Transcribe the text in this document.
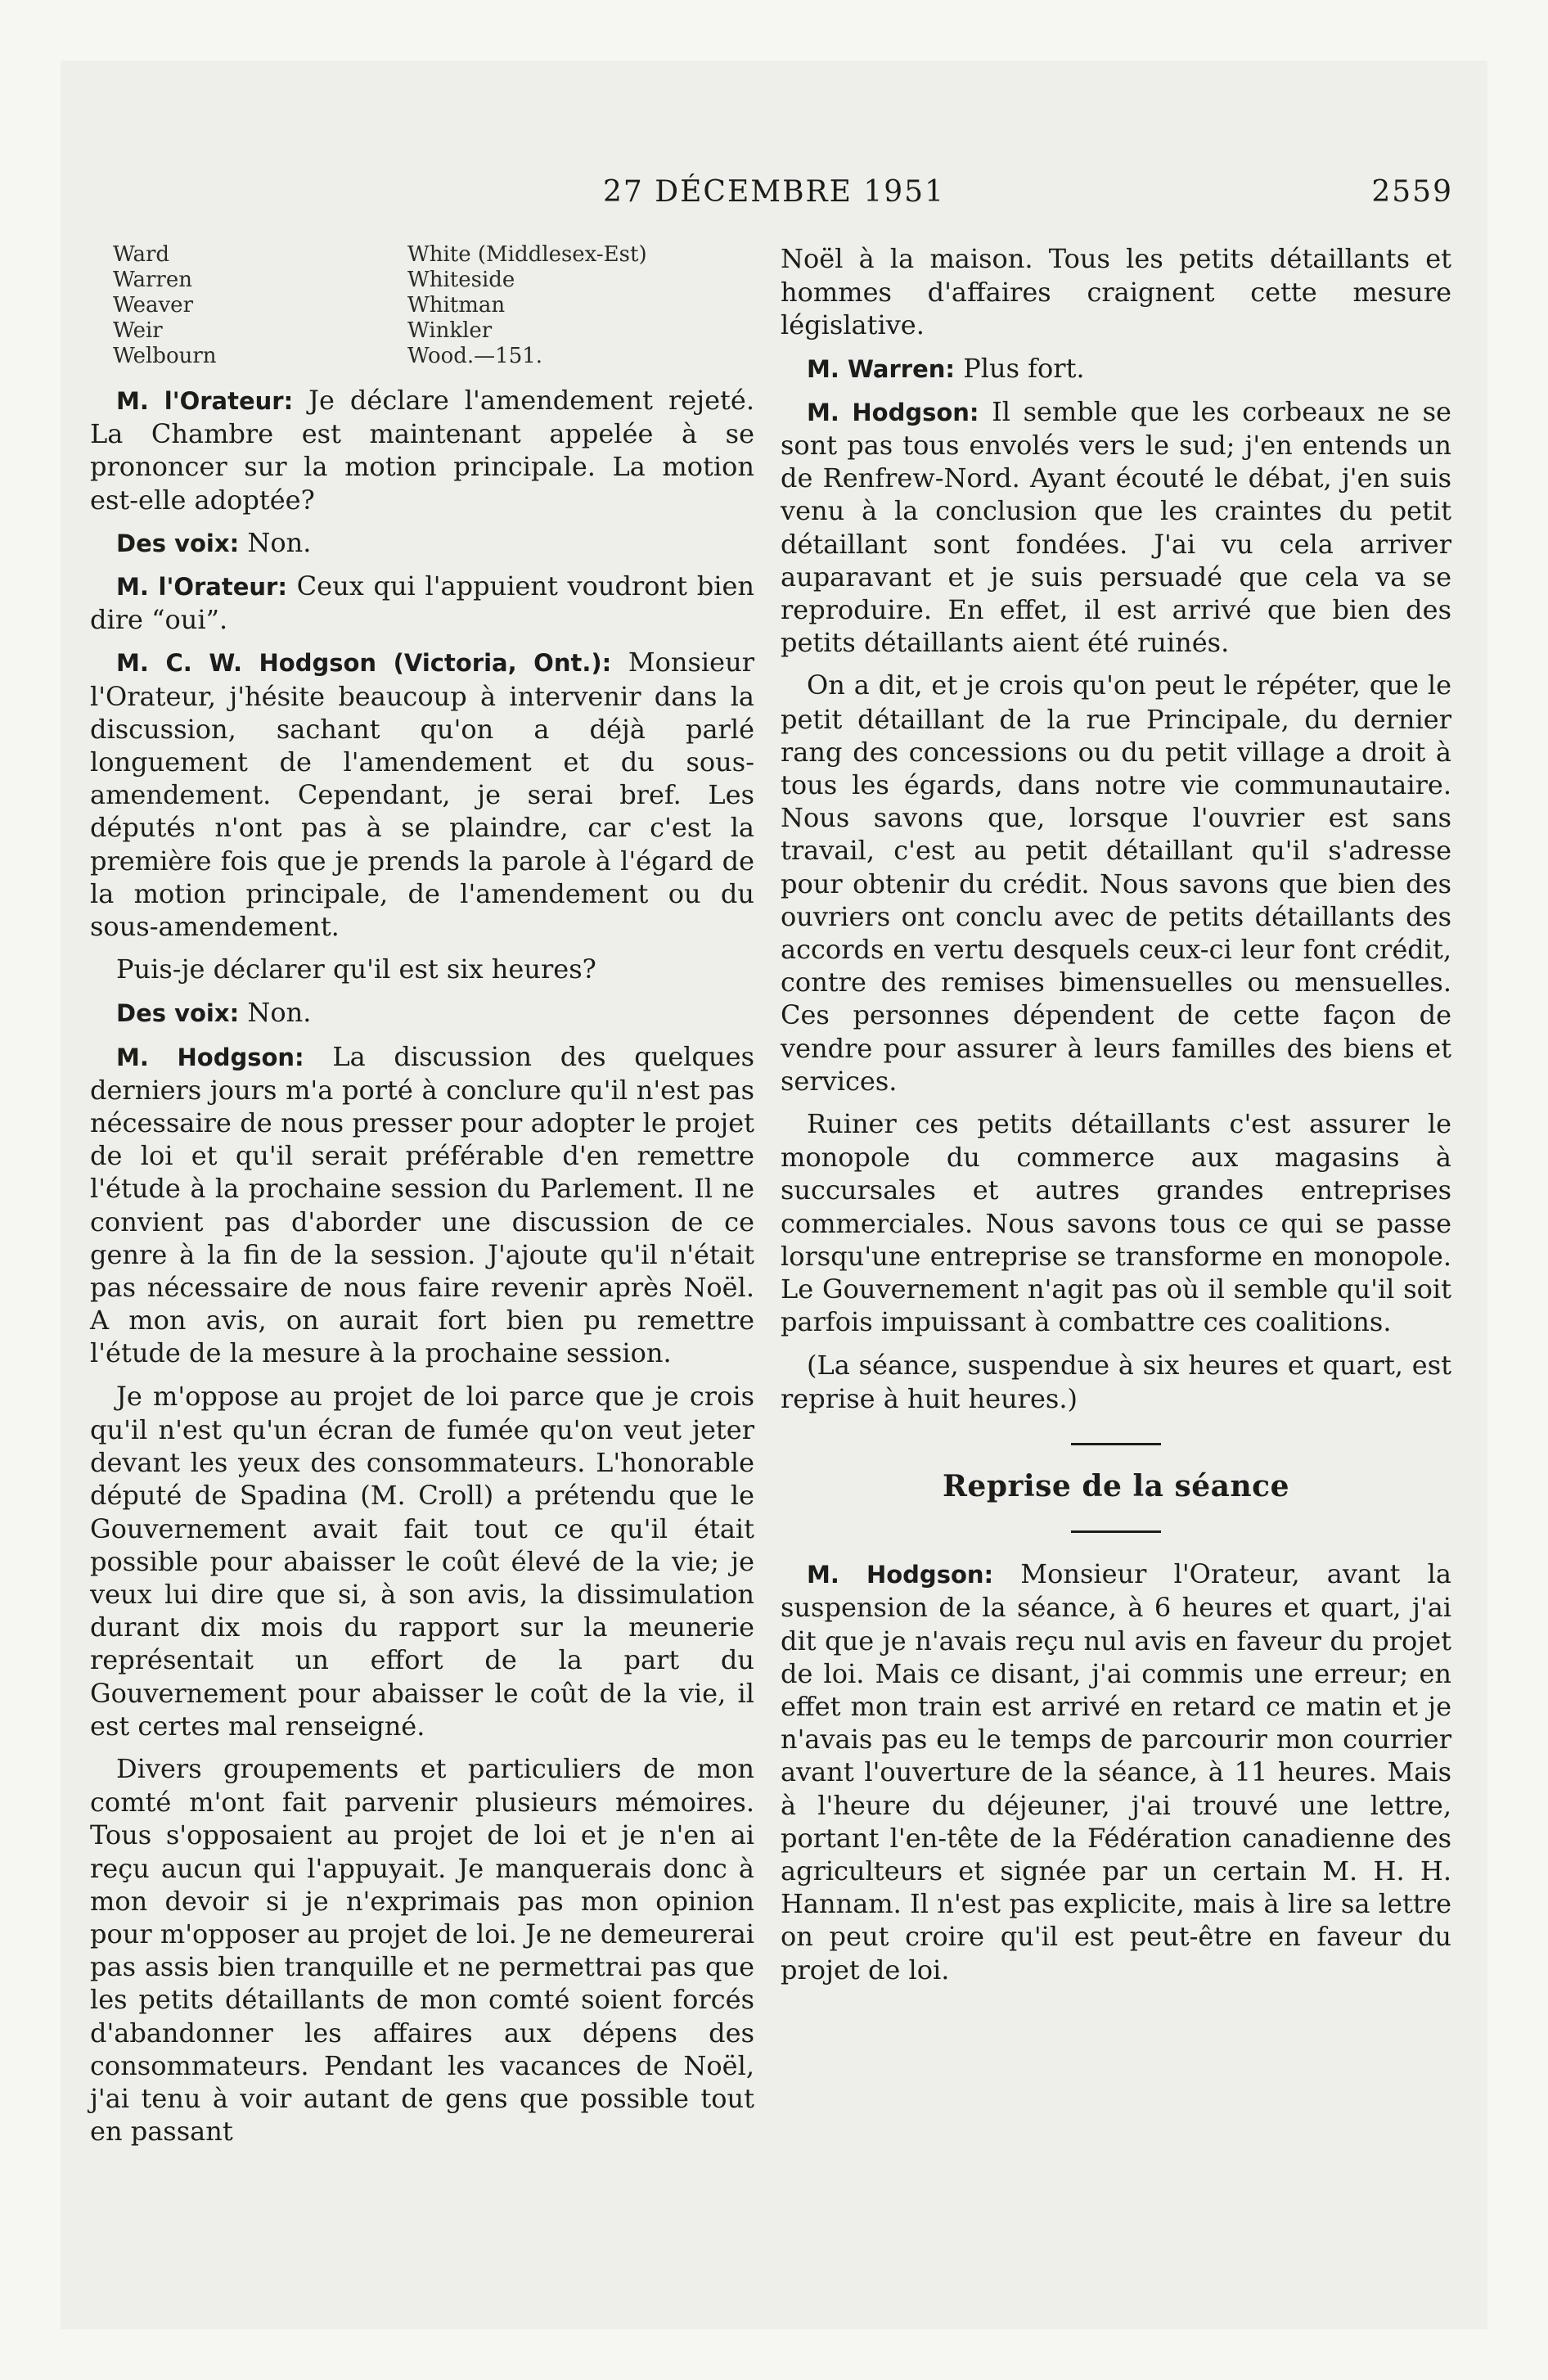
27 DÉCEMBRE 1951	2559
Ward
Warren
Weaver
Weir
Welbourn
White (Middlesex-Est)
Whiteside
Whitman
Winkler
Wood.—151.

M. l'Orateur: Je déclare l'amendement rejeté. La Chambre est maintenant appelée à se prononcer sur la motion principale. La motion est-elle adoptée?

Des voix: Non.

M. l'Orateur: Ceux qui l'appuient voudront bien dire “oui”.

M. C. W. Hodgson (Victoria, Ont.): Monsieur l'Orateur, j'hésite beaucoup à intervenir dans la discussion, sachant qu'on a déjà parlé longuement de l'amendement et du sous-amendement. Cependant, je serai bref. Les députés n'ont pas à se plaindre, car c'est la première fois que je prends la parole à l'égard de la motion principale, de l'amendement ou du sous-amendement.

Puis-je déclarer qu'il est six heures?

Des voix: Non.

M. Hodgson: La discussion des quelques derniers jours m'a porté à conclure qu'il n'est pas nécessaire de nous presser pour adopter le projet de loi et qu'il serait préférable d'en remettre l'étude à la prochaine session du Parlement. Il ne convient pas d'aborder une discussion de ce genre à la fin de la session. J'ajoute qu'il n'était pas nécessaire de nous faire revenir après Noël. A mon avis, on aurait fort bien pu remettre l'étude de la mesure à la prochaine session.

Je m'oppose au projet de loi parce que je crois qu'il n'est qu'un écran de fumée qu'on veut jeter devant les yeux des consommateurs. L'honorable député de Spadina (M. Croll) a prétendu que le Gouvernement avait fait tout ce qu'il était possible pour abaisser le coût élevé de la vie; je veux lui dire que si, à son avis, la dissimulation durant dix mois du rapport sur la meunerie représentait un effort de la part du Gouvernement pour abaisser le coût de la vie, il est certes mal renseigné.

Divers groupements et particuliers de mon comté m'ont fait parvenir plusieurs mémoires. Tous s'opposaient au projet de loi et je n'en ai reçu aucun qui l'appuyait. Je manquerais donc à mon devoir si je n'exprimais pas mon opinion pour m'opposer au projet de loi. Je ne demeurerai pas assis bien tranquille et ne permettrai pas que les petits détaillants de mon comté soient forcés d'abandonner les affaires aux dépens des consommateurs. Pendant les vacances de Noël, j'ai tenu à voir autant de gens que possible tout en passant

Noël à la maison. Tous les petits détaillants et hommes d'affaires craignent cette mesure législative.

M. Warren: Plus fort.

M. Hodgson: Il semble que les corbeaux ne se sont pas tous envolés vers le sud; j'en entends un de Renfrew-Nord. Ayant écouté le débat, j'en suis venu à la conclusion que les craintes du petit détaillant sont fondées. J'ai vu cela arriver auparavant et je suis persuadé que cela va se reproduire. En effet, il est arrivé que bien des petits détaillants aient été ruinés.

On a dit, et je crois qu'on peut le répéter, que le petit détaillant de la rue Principale, du dernier rang des concessions ou du petit village a droit à tous les égards, dans notre vie communautaire. Nous savons que, lorsque l'ouvrier est sans travail, c'est au petit détaillant qu'il s'adresse pour obtenir du crédit. Nous savons que bien des ouvriers ont conclu avec de petits détaillants des accords en vertu desquels ceux-ci leur font crédit, contre des remises bimensuelles ou mensuelles. Ces personnes dépendent de cette façon de vendre pour assurer à leurs familles des biens et services.

Ruiner ces petits détaillants c'est assurer le monopole du commerce aux magasins à succursales et autres grandes entreprises commerciales. Nous savons tous ce qui se passe lorsqu'une entreprise se transforme en monopole. Le Gouvernement n'agit pas où il semble qu'il soit parfois impuissant à combattre ces coalitions.

(La séance, suspendue à six heures et quart, est reprise à huit heures.)

Reprise de la séance

M. Hodgson: Monsieur l'Orateur, avant la suspension de la séance, à 6 heures et quart, j'ai dit que je n'avais reçu nul avis en faveur du projet de loi. Mais ce disant, j'ai commis une erreur; en effet mon train est arrivé en retard ce matin et je n'avais pas eu le temps de parcourir mon courrier avant l'ouverture de la séance, à 11 heures. Mais à l'heure du déjeuner, j'ai trouvé une lettre, portant l'en-tête de la Fédération canadienne des agriculteurs et signée par un certain M. H. H. Hannam. Il n'est pas explicite, mais à lire sa lettre on peut croire qu'il est peut-être en faveur du projet de loi.
